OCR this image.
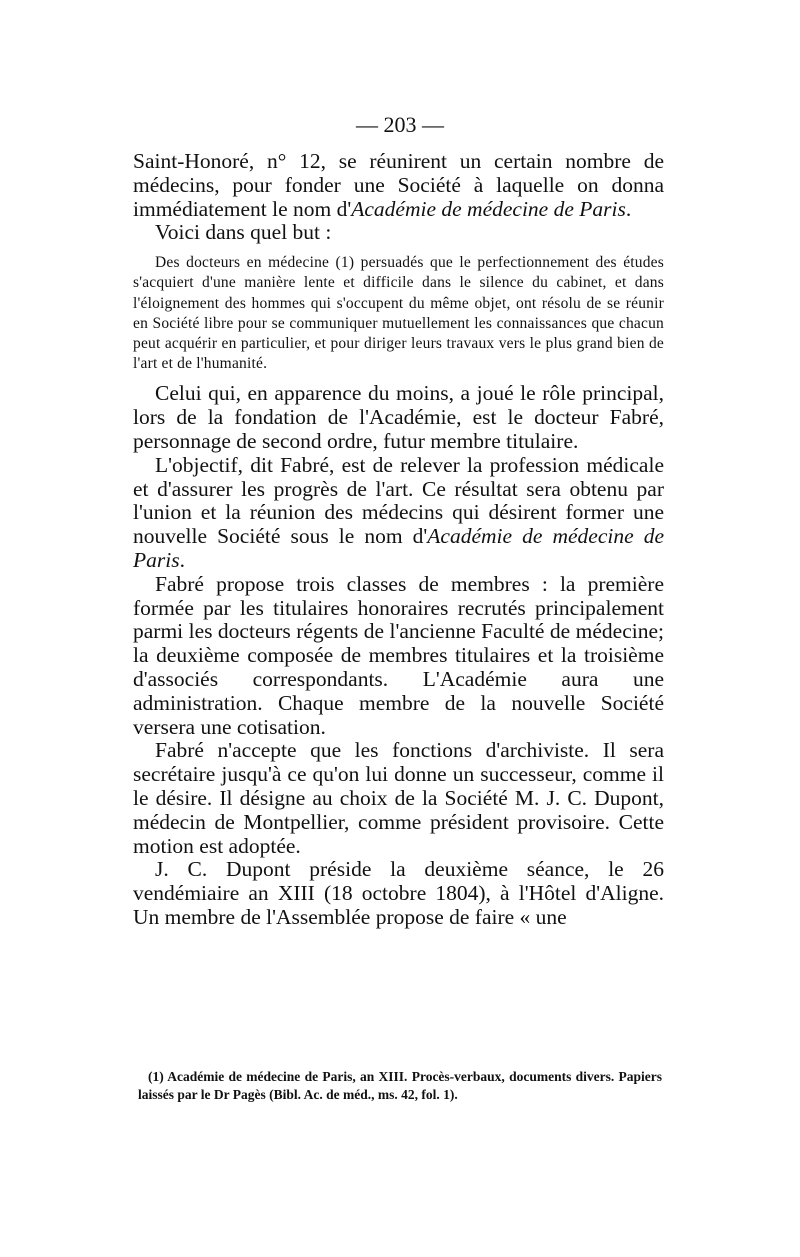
— 203 —

Saint-Honoré, n° 12, se réunirent un certain nombre de médecins, pour fonder une Société à laquelle on donna immédiatement le nom d'Académie de médecine de Paris.

Voici dans quel but :

Des docteurs en médecine (1) persuadés que le perfectionnement des études s'acquiert d'une manière lente et difficile dans le silence du cabinet, et dans l'éloignement des hommes qui s'occupent du même objet, ont résolu de se réunir en Société libre pour se communiquer mutuellement les connaissances que chacun peut acquérir en particulier, et pour diriger leurs travaux vers le plus grand bien de l'art et de l'humanité.

Celui qui, en apparence du moins, a joué le rôle principal, lors de la fondation de l'Académie, est le docteur Fabré, personnage de second ordre, futur membre titulaire.

L'objectif, dit Fabré, est de relever la profession médicale et d'assurer les progrès de l'art. Ce résultat sera obtenu par l'union et la réunion des médecins qui désirent former une nouvelle Société sous le nom d'Académie de médecine de Paris.

Fabré propose trois classes de membres : la première formée par les titulaires honoraires recrutés principalement parmi les docteurs régents de l'ancienne Faculté de médecine; la deuxième composée de membres titulaires et la troisième d'associés correspondants. L'Académie aura une administration. Chaque membre de la nouvelle Société versera une cotisation.

Fabré n'accepte que les fonctions d'archiviste. Il sera secrétaire jusqu'à ce qu'on lui donne un successeur, comme il le désire. Il désigne au choix de la Société M. J. C. Dupont, médecin de Montpellier, comme président provisoire. Cette motion est adoptée.

J. C. Dupont préside la deuxième séance, le 26 vendémiaire an XIII (18 octobre 1804), à l'Hôtel d'Aligne. Un membre de l'Assemblée propose de faire « une

(1) Académie de médecine de Paris, an XIII. Procès-verbaux, documents divers. Papiers laissés par le Dr Pagès (Bibl. Ac. de méd., ms. 42, fol. 1).
